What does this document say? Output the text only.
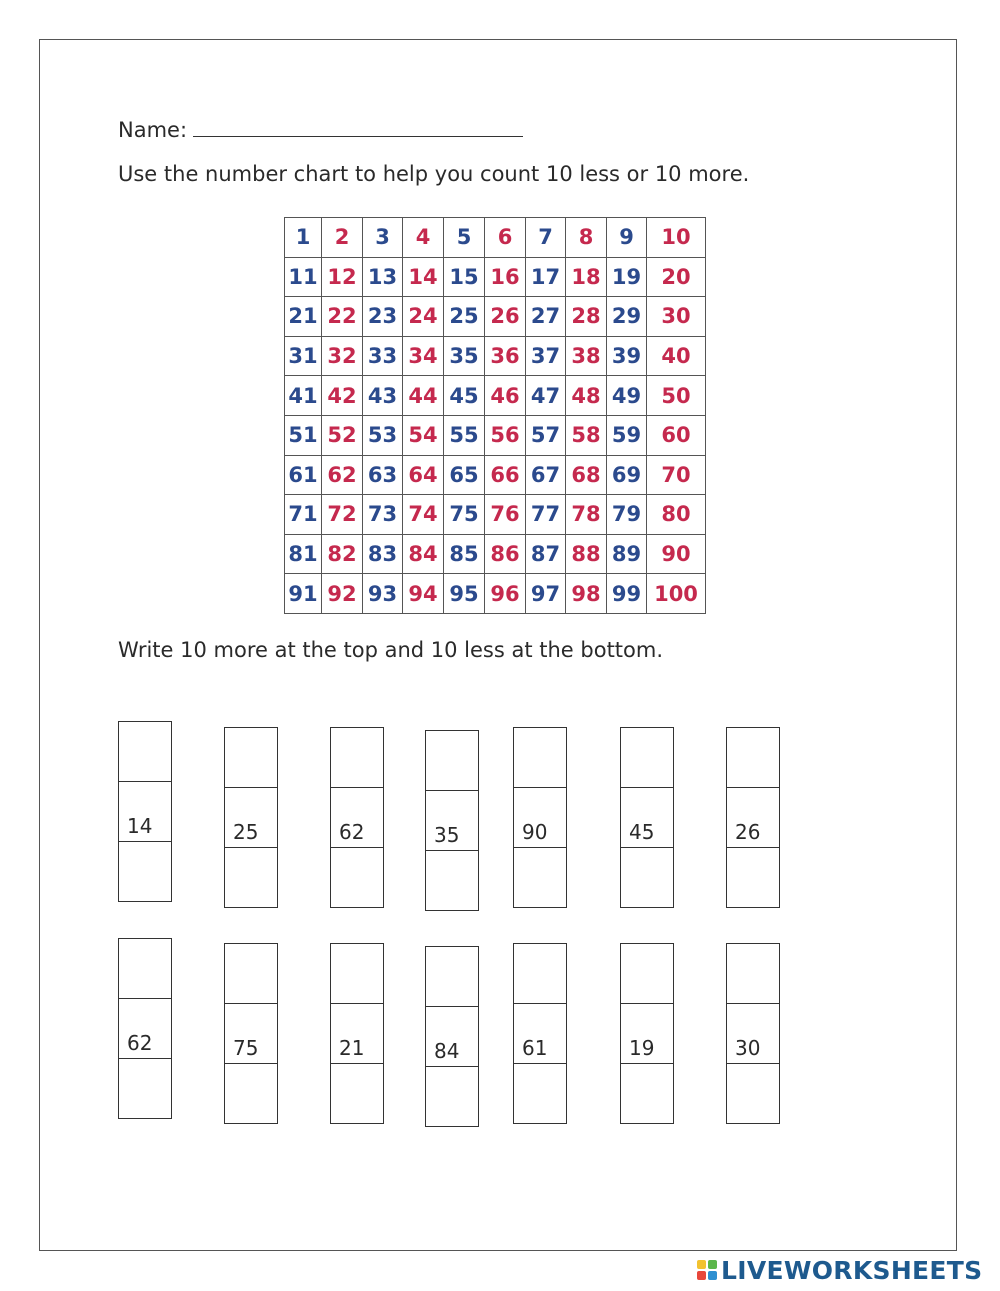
Name:
Use the number chart to help you count 10 less or 10 more.
1	2	3	4	5	6	7	8	9	10
11	12	13	14	15	16	17	18	19	20
21	22	23	24	25	26	27	28	29	30
31	32	33	34	35	36	37	38	39	40
41	42	43	44	45	46	47	48	49	50
51	52	53	54	55	56	57	58	59	60
61	62	63	64	65	66	67	68	69	70
71	72	73	74	75	76	77	78	79	80
81	82	83	84	85	86	87	88	89	90
91	92	93	94	95	96	97	98	99	100
Write 10 more at the top and 10 less at the bottom.
14	25	62	35	90	45	26
62	75	21	84	61	19	30
LIVEWORKSHEETS
